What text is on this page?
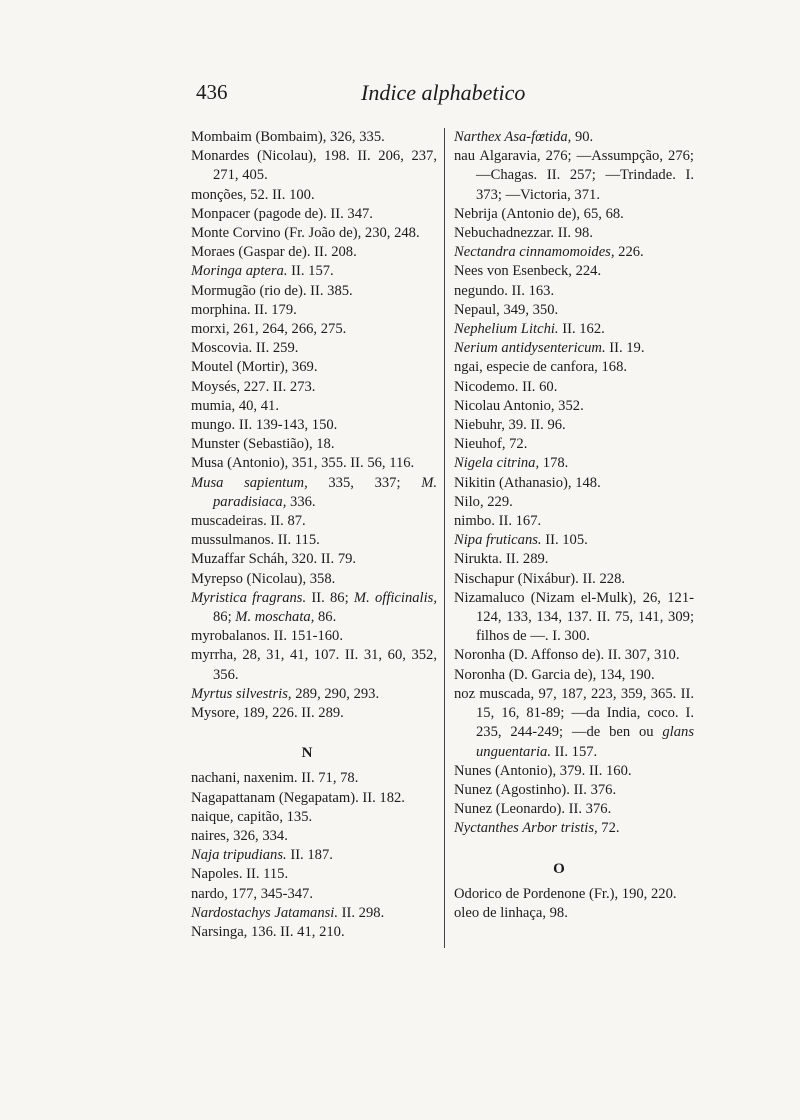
436	Indice alphabetico
Mombaim (Bombaim), 326, 335.
Monardes (Nicolau), 198. II. 206, 237, 271, 405.
monções, 52. II. 100.
Monpacer (pagode de). II. 347.
Monte Corvino (Fr. João de), 230, 248.
Moraes (Gaspar de). II. 208.
Moringa aptera. II. 157.
Mormugão (rio de). II. 385.
morphina. II. 179.
morxi, 261, 264, 266, 275.
Moscovia. II. 259.
Moutel (Mortir), 369.
Moysés, 227. II. 273.
mumia, 40, 41.
mungo. II. 139-143, 150.
Munster (Sebastião), 18.
Musa (Antonio), 351, 355. II. 56, 116.
Musa sapientum, 335, 337; M. paradisiaca, 336.
muscadeiras. II. 87.
mussulmanos. II. 115.
Muzaffar Scháh, 320. II. 79.
Myrepso (Nicolau), 358.
Myristica fragrans. II. 86; M. officinalis, 86; M. moschata, 86.
myrobalanos. II. 151-160.
myrrha, 28, 31, 41, 107. II. 31, 60, 352, 356.
Myrtus silvestris, 289, 290, 293.
Mysore, 189, 226. II. 289.
N
nachani, naxenim. II. 71, 78.
Nagapattanam (Negapatam). II. 182.
naique, capitão, 135.
naires, 326, 334.
Naja tripudians. II. 187.
Napoles. II. 115.
nardo, 177, 345-347.
Nardostachys Jatamansi. II. 298.
Narsinga, 136. II. 41, 210.
Narthex Asa-fœtida, 90.
nau Algaravia, 276; —Assumpção, 276; —Chagas. II. 257; —Trindade. I. 373; —Victoria, 371.
Nebrija (Antonio de), 65, 68.
Nebuchadnezzar. II. 98.
Nectandra cinnamomoides, 226.
Nees von Esenbeck, 224.
negundo. II. 163.
Nepaul, 349, 350.
Nephelium Litchi. II. 162.
Nerium antidysentericum. II. 19.
ngai, especie de canfora, 168.
Nicodemo. II. 60.
Nicolau Antonio, 352.
Niebuhr, 39. II. 96.
Nieuhof, 72.
Nigela citrina, 178.
Nikitin (Athanasio), 148.
Nilo, 229.
nimbo. II. 167.
Nipa fruticans. II. 105.
Nirukta. II. 289.
Nischapur (Nixábur). II. 228.
Nizamaluco (Nizam el-Mulk), 26, 121-124, 133, 134, 137. II. 75, 141, 309; filhos de —. I. 300.
Noronha (D. Affonso de). II. 307, 310.
Noronha (D. Garcia de), 134, 190.
noz muscada, 97, 187, 223, 359, 365. II. 15, 16, 81-89; —da India, coco. I. 235, 244-249; —de ben ou glans unguentaria. II. 157.
Nunes (Antonio), 379. II. 160.
Nunez (Agostinho). II. 376.
Nunez (Leonardo). II. 376.
Nyctanthes Arbor tristis, 72.
O
Odorico de Pordenone (Fr.), 190, 220.
oleo de linhaça, 98.
